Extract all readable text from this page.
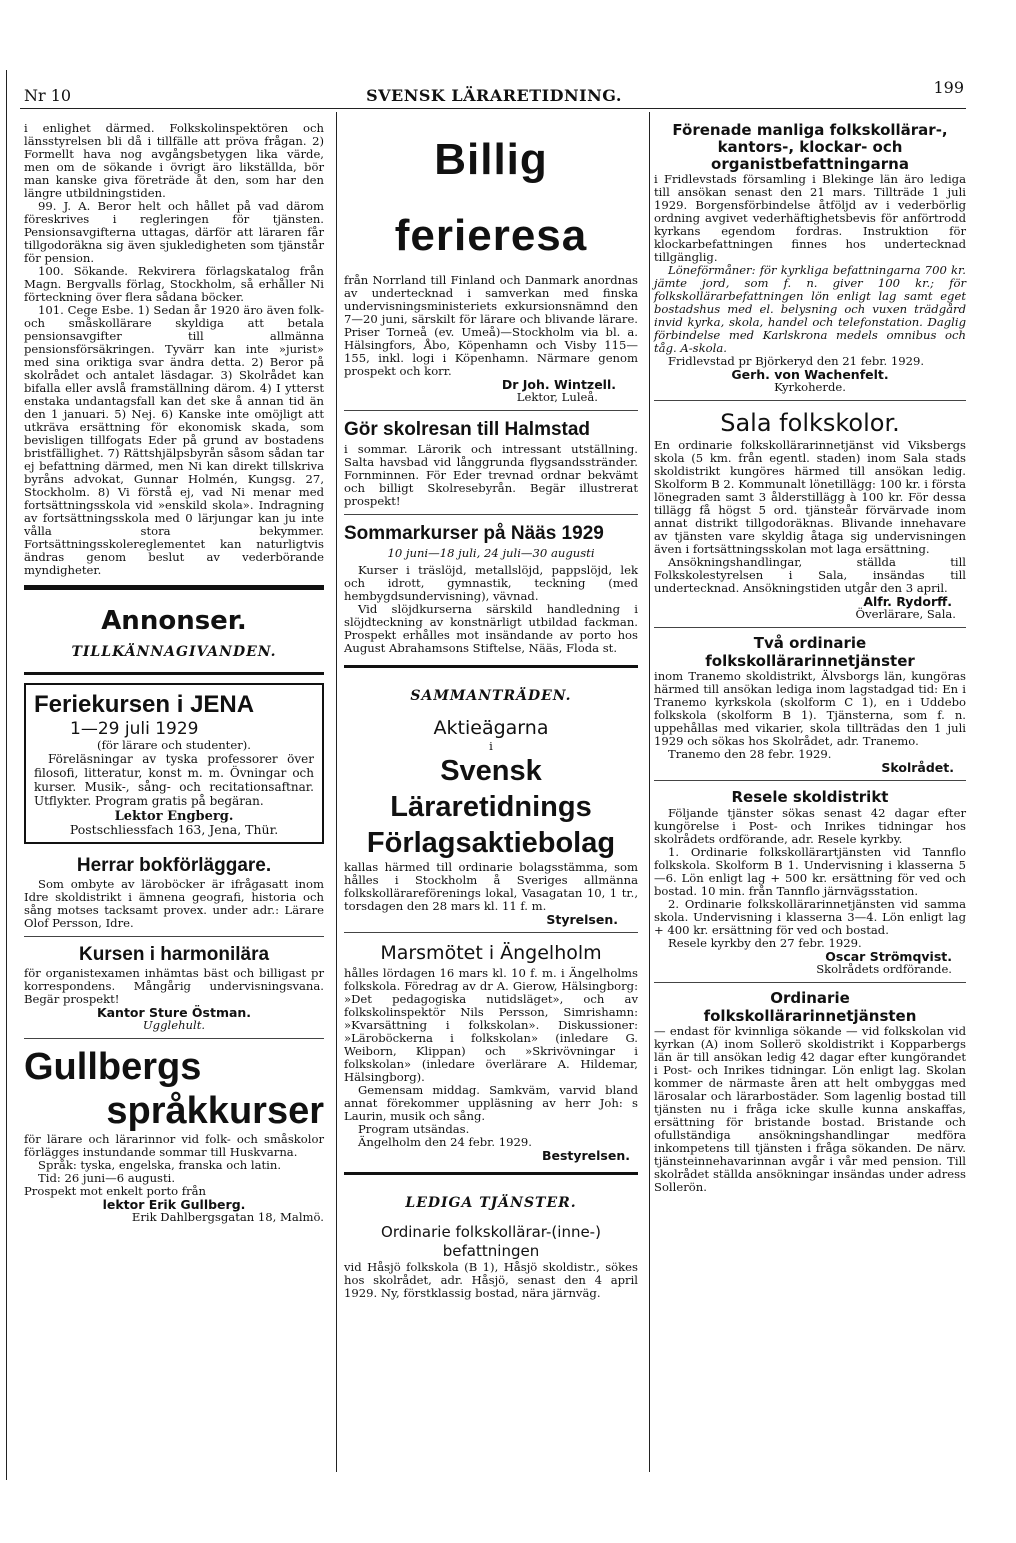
Nr 10	SVENSK LÄRARETIDNING.	199

i enlighet därmed. Folkskolinspektören och länsstyrelsen bli då i tillfälle att pröva frågan. 2) Formellt hava nog avgångsbetygen lika värde, men om de sökande i övrigt äro likställda, bör man kanske giva företräde åt den, som har den längre utbildningstiden.

99. J. A. Beror helt och hållet på vad därom föreskrives i regleringen för tjänsten. Pensionsavgifterna uttagas, därför att läraren får tillgodoräkna sig även sjukledigheten som tjänstår för pension.

100. Sökande. Rekvirera förlagskatalog från Magn. Bergvalls förlag, Stockholm, så erhåller Ni förteckning över flera sådana böcker.

101. Cege Esbe. 1) Sedan år 1920 äro även folk- och småskollärare skyldiga att betala pensionsavgifter till allmänna pensionsförsäkringen. Tyvärr kan inte »jurist» med sina oriktiga svar ändra detta. 2) Beror på skolrådet och antalet läsdagar. 3) Skolrådet kan bifalla eller avslå framställning därom. 4) I ytterst enstaka undantagsfall kan det ske å annan tid än den 1 januari. 5) Nej. 6) Kanske inte omöjligt att utkräva ersättning för ekonomisk skada, som bevisligen tillfogats Eder på grund av bostadens bristfällighet. 7) Rättshjälpsbyrån såsom sådan tar ej befattning därmed, men Ni kan direkt tillskriva byråns advokat, Gunnar Holmén, Kungsg. 27, Stockholm. 8) Vi förstå ej, vad Ni menar med fortsättningsskola vid »enskild skola». Indragning av fortsättningsskola med 0 lärjungar kan ju inte vålla stora bekymmer. Fortsättningsskolereglementet kan naturligtvis ändras genom beslut av vederbörande myndigheter.

Annonser.
TILLKÄNNAGIVANDEN.
Feriekursen i JENA
1—29 juli 1929
(för lärare och studenter).

Föreläsningar av tyska professorer över filosofi, litteratur, konst m. m. Övningar och kurser. Musik-, sång- och recitationsaftnar. Utflykter. Program gratis på begäran.

Lektor Engberg.
Postschliessfach 163, Jena, Thür.
Herrar bokförläggare.

Som ombyte av läroböcker är ifrågasatt inom Idre skoldistrikt i ämnena geografi, historia och sång motses tacksamt provex. under adr.: Lärare Olof Persson, Idre.

Kursen i harmonilära

för organistexamen inhämtas bäst och billigast pr korrespondens. Mångårig undervisningsvana. Begär prospekt!

Kantor Sture Östman.
Ugglehult.
Gullbergs
språkkurser

för lärare och lärarinnor vid folk- och småskolor förlägges instundande sommar till Huskvarna.

Språk: tyska, engelska, franska och latin.

Tid: 26 juni—6 augusti.

Prospekt mot enkelt porto från

lektor Erik Gullberg.
Erik Dahlbergsgatan 18, Malmö.
Billig ferieresa

från Norrland till Finland och Danmark anordnas av undertecknad i samverkan med finska undervisningsministeriets exkursionsnämnd den 7—20 juni, särskilt för lärare och blivande lärare. Priser Torneå (ev. Umeå)—Stockholm via bl. a. Hälsingfors, Åbo, Köpenhamn och Visby 115—155, inkl. logi i Köpenhamn. Närmare genom prospekt och korr.

Dr Joh. Wintzell.
Lektor, Luleå.
Gör skolresan till Halmstad

i sommar. Lärorik och intressant utställning. Salta havsbad vid långgrunda flygsandsstränder. Fornminnen. För Eder trevnad ordnar bekvämt och billigt Skolresebyrån. Begär illustrerat prospekt!

Sommarkurser på Nääs 1929
10 juni—18 juli, 24 juli—30 augusti

Kurser i träslöjd, metallslöjd, pappslöjd, lek och idrott, gymnastik, teckning (med hembygdsundervisning), vävnad.

Vid slöjdkurserna särskild handledning i slöjdteckning av konstnärligt utbildad fackman. Prospekt erhålles mot insändande av porto hos August Abrahamsons Stiftelse, Nääs, Floda st.

SAMMANTRÄDEN.
Aktieägarna
i
Svensk Läraretidnings
Förlagsaktiebolag

kallas härmed till ordinarie bolagsstämma, som hålles i Stockholm å Sveriges allmänna folkskollärareförenings lokal, Vasagatan 10, 1 tr., torsdagen den 28 mars kl. 11 f. m.

Styrelsen.
Marsmötet i Ängelholm

hålles lördagen 16 mars kl. 10 f. m. i Ängelholms folkskola. Föredrag av dr A. Gierow, Hälsingborg: »Det pedagogiska nutidsläget», och av folkskolinspektör Nils Persson, Simrishamn: »Kvarsättning i folkskolan». Diskussioner: »Läroböckerna i folkskolan» (inledare G. Weiborn, Klippan) och »Skrivövningar i folkskolan» (inledare överlärare A. Hildemar, Hälsingborg).

Gemensam middag. Samkväm, varvid bland annat förekommer uppläsning av herr Joh: s Laurin, musik och sång.

Program utsändas.

Ängelholm den 24 febr. 1929.

Bestyrelsen.
LEDIGA TJÄNSTER.
Ordinarie folkskollärar-(inne-) befattningen

vid Håsjö folkskola (B 1), Håsjö skoldistr., sökes hos skolrådet, adr. Håsjö, senast den 4 april 1929. Ny, förstklassig bostad, nära järnväg.

Förenade manliga folkskollärar-, kantors-, klockar- och organistbefattningarna

i Fridlevstads församling i Blekinge län äro lediga till ansökan senast den 21 mars. Tillträde 1 juli 1929. Borgensförbindelse åtföljd av i vederbörlig ordning avgivet vederhäftighetsbevis för anförtrodd kyrkans egendom fordras. Instruktion för klockarbefattningen finnes hos undertecknad tillgänglig.

Löneförmåner: för kyrkliga befattningarna 700 kr. jämte jord, som f. n. giver 100 kr.; för folkskollärarbefattningen lön enligt lag samt eget bostadshus med el. belysning och vuxen trädgård invid kyrka, skola, handel och telefonstation. Daglig förbindelse med Karlskrona medels omnibus och tåg. A-skola.

Fridlevstad pr Björkeryd den 21 febr. 1929.

Gerh. von Wachenfelt.
Kyrkoherde.
Sala folkskolor.

En ordinarie folkskollärarinnetjänst vid Viksbergs skola (5 km. från egentl. staden) inom Sala stads skoldistrikt kungöres härmed till ansökan ledig. Skolform B 2. Kommunalt lönetillägg: 100 kr. i första lönegraden samt 3 ålderstillägg à 100 kr. För dessa tillägg få högst 5 ord. tjänsteår förvärvade inom annat distrikt tillgodoräknas. Blivande innehavare av tjänsten vare skyldig åtaga sig undervisningen även i fortsättningsskolan mot laga ersättning.

Ansökningshandlingar, ställda till Folkskolestyrelsen i Sala, insändas till undertecknad. Ansökningstiden utgår den 3 april.

Alfr. Rydorff.
Överlärare, Sala.
Två ordinarie folkskollärarinnetjänster

inom Tranemo skoldistrikt, Älvsborgs län, kungöras härmed till ansökan lediga inom lagstadgad tid: En i Tranemo kyrkskola (skolform C 1), en i Uddebo folkskola (skolform B 1). Tjänsterna, som f. n. uppehållas med vikarier, skola tillträdas den 1 juli 1929 och sökas hos Skolrådet, adr. Tranemo.

Tranemo den 28 febr. 1929.

Skolrådet.
Resele skoldistrikt

Följande tjänster sökas senast 42 dagar efter kungörelse i Post- och Inrikes tidningar hos skolrådets ordförande, adr. Resele kyrkby.

1. Ordinarie folkskollärartjänsten vid Tannflo folkskola. Skolform B 1. Undervisning i klasserna 5—6. Lön enligt lag + 500 kr. ersättning för ved och bostad. 10 min. från Tannflo järnvägsstation.

2. Ordinarie folkskollärarinnetjänsten vid samma skola. Undervisning i klasserna 3—4. Lön enligt lag + 400 kr. ersättning för ved och bostad.

Resele kyrkby den 27 febr. 1929.

Oscar Strömqvist.
Skolrådets ordförande.
Ordinarie folkskollärarinnetjänsten

— endast för kvinnliga sökande — vid folkskolan vid kyrkan (A) inom Sollerö skoldistrikt i Kopparbergs län är till ansökan ledig 42 dagar efter kungörandet i Post- och Inrikes tidningar. Lön enligt lag. Skolan kommer de närmaste åren att helt ombyggas med lärosalar och lärarbostäder. Som lagenlig bostad till tjänsten nu i fråga icke skulle kunna anskaffas, ersättning för bristande bostad. Bristande och ofullständiga ansökningshandlingar medföra inkompetens till tjänsten i fråga sökanden. De närv. tjänsteinnehavarinnan avgår i vår med pension. Till skolrådet ställda ansökningar insändas under adress Sollerön.
